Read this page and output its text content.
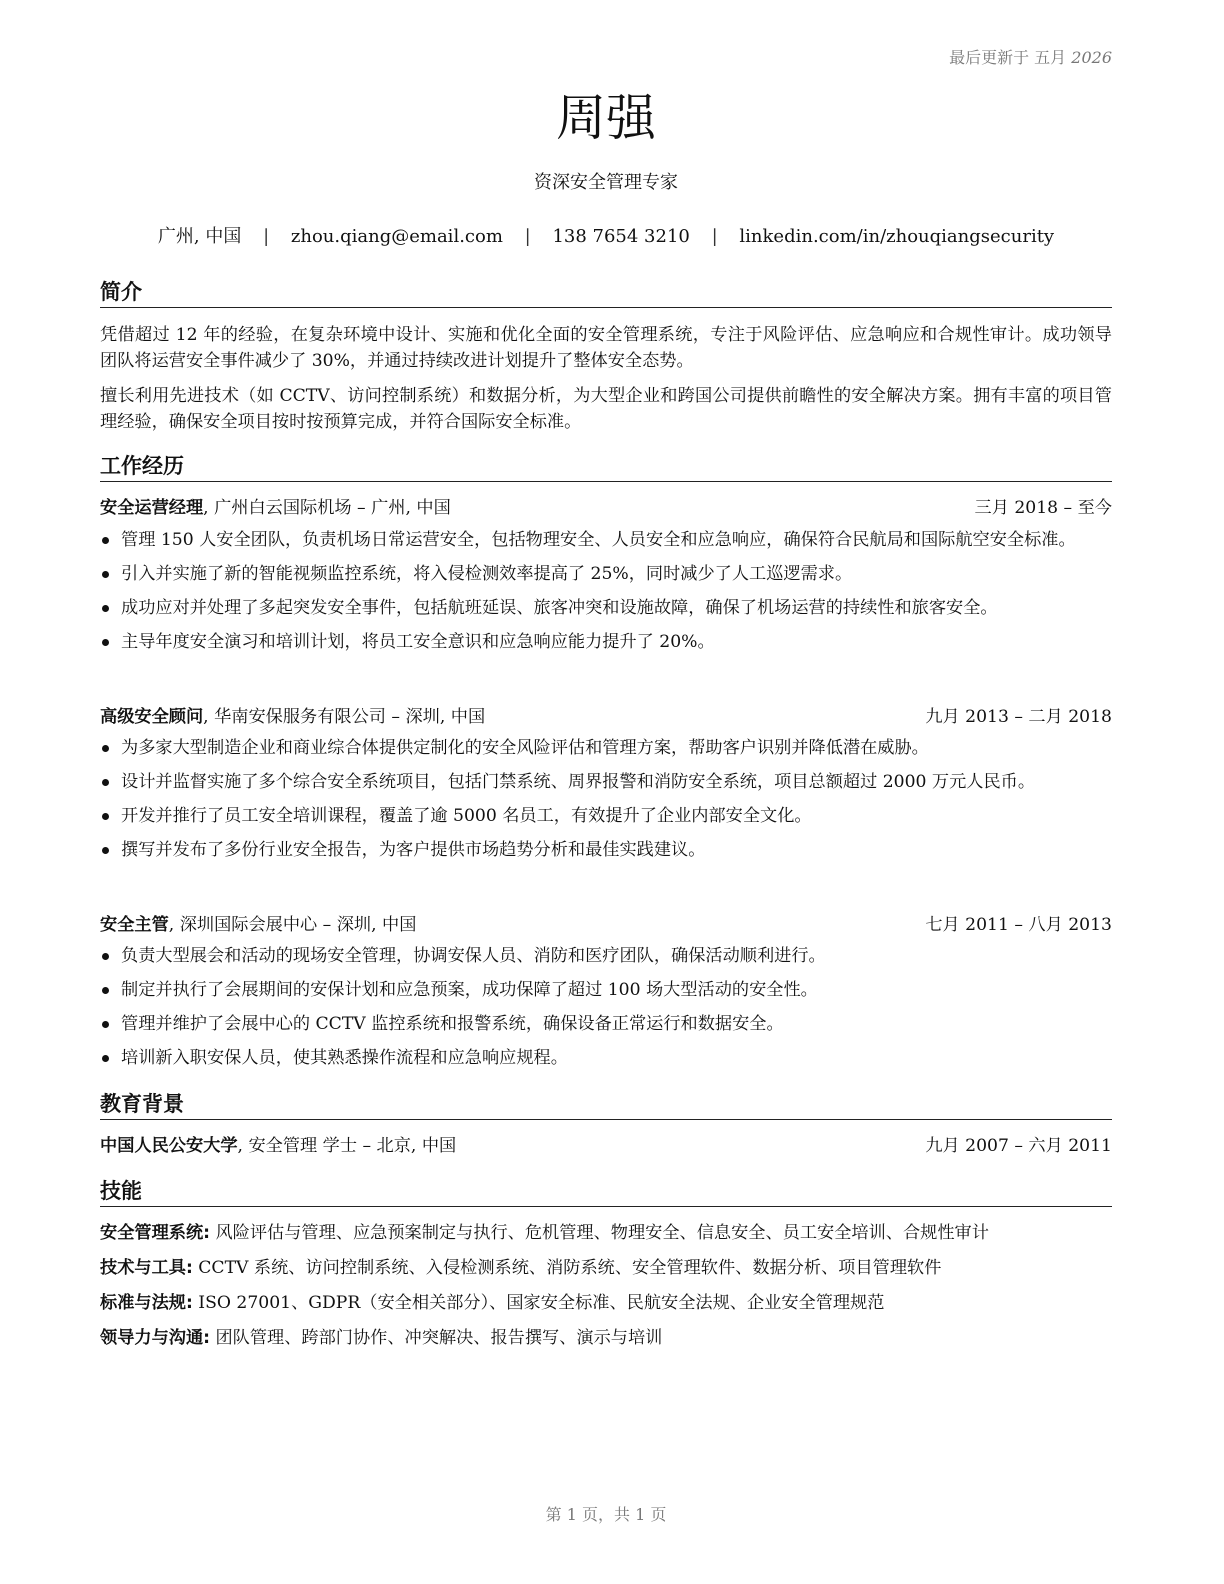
最后更新于 五月 2026
周强
资深安全管理专家
广州, 中国 | zhou.qiang@email.com | 138 7654 3210 | linkedin.com/in/zhouqiangsecurity
简介
凭借超过 12 年的经验，在复杂环境中设计、实施和优化全面的安全管理系统，专注于风险评估、应急响应和合规性审计。成功领导团队将运营安全事件减少了 30%，并通过持续改进计划提升了整体安全态势。
擅长利用先进技术（如 CCTV、访问控制系统）和数据分析，为大型企业和跨国公司提供前瞻性的安全解决方案。拥有丰富的项目管理经验，确保安全项目按时按预算完成，并符合国际安全标准。
工作经历
安全运营经理, 广州白云国际机场 – 广州, 中国	三月 2018 – 至今
管理 150 人安全团队，负责机场日常运营安全，包括物理安全、人员安全和应急响应，确保符合民航局和国际航空安全标准。
引入并实施了新的智能视频监控系统，将入侵检测效率提高了 25%，同时减少了人工巡逻需求。
成功应对并处理了多起突发安全事件，包括航班延误、旅客冲突和设施故障，确保了机场运营的持续性和旅客安全。
主导年度安全演习和培训计划，将员工安全意识和应急响应能力提升了 20%。
高级安全顾问, 华南安保服务有限公司 – 深圳, 中国	九月 2013 – 二月 2018
为多家大型制造企业和商业综合体提供定制化的安全风险评估和管理方案，帮助客户识别并降低潜在威胁。
设计并监督实施了多个综合安全系统项目，包括门禁系统、周界报警和消防安全系统，项目总额超过 2000 万元人民币。
开发并推行了员工安全培训课程，覆盖了逾 5000 名员工，有效提升了企业内部安全文化。
撰写并发布了多份行业安全报告，为客户提供市场趋势分析和最佳实践建议。
安全主管, 深圳国际会展中心 – 深圳, 中国	七月 2011 – 八月 2013
负责大型展会和活动的现场安全管理，协调安保人员、消防和医疗团队，确保活动顺利进行。
制定并执行了会展期间的安保计划和应急预案，成功保障了超过 100 场大型活动的安全性。
管理并维护了会展中心的 CCTV 监控系统和报警系统，确保设备正常运行和数据安全。
培训新入职安保人员，使其熟悉操作流程和应急响应规程。
教育背景
中国人民公安大学, 安全管理 学士 – 北京, 中国	九月 2007 – 六月 2011
技能
安全管理系统: 风险评估与管理、应急预案制定与执行、危机管理、物理安全、信息安全、员工安全培训、合规性审计
技术与工具: CCTV 系统、访问控制系统、入侵检测系统、消防系统、安全管理软件、数据分析、项目管理软件
标准与法规: ISO 27001、GDPR（安全相关部分）、国家安全标准、民航安全法规、企业安全管理规范
领导力与沟通: 团队管理、跨部门协作、冲突解决、报告撰写、演示与培训
第 1 页，共 1 页
